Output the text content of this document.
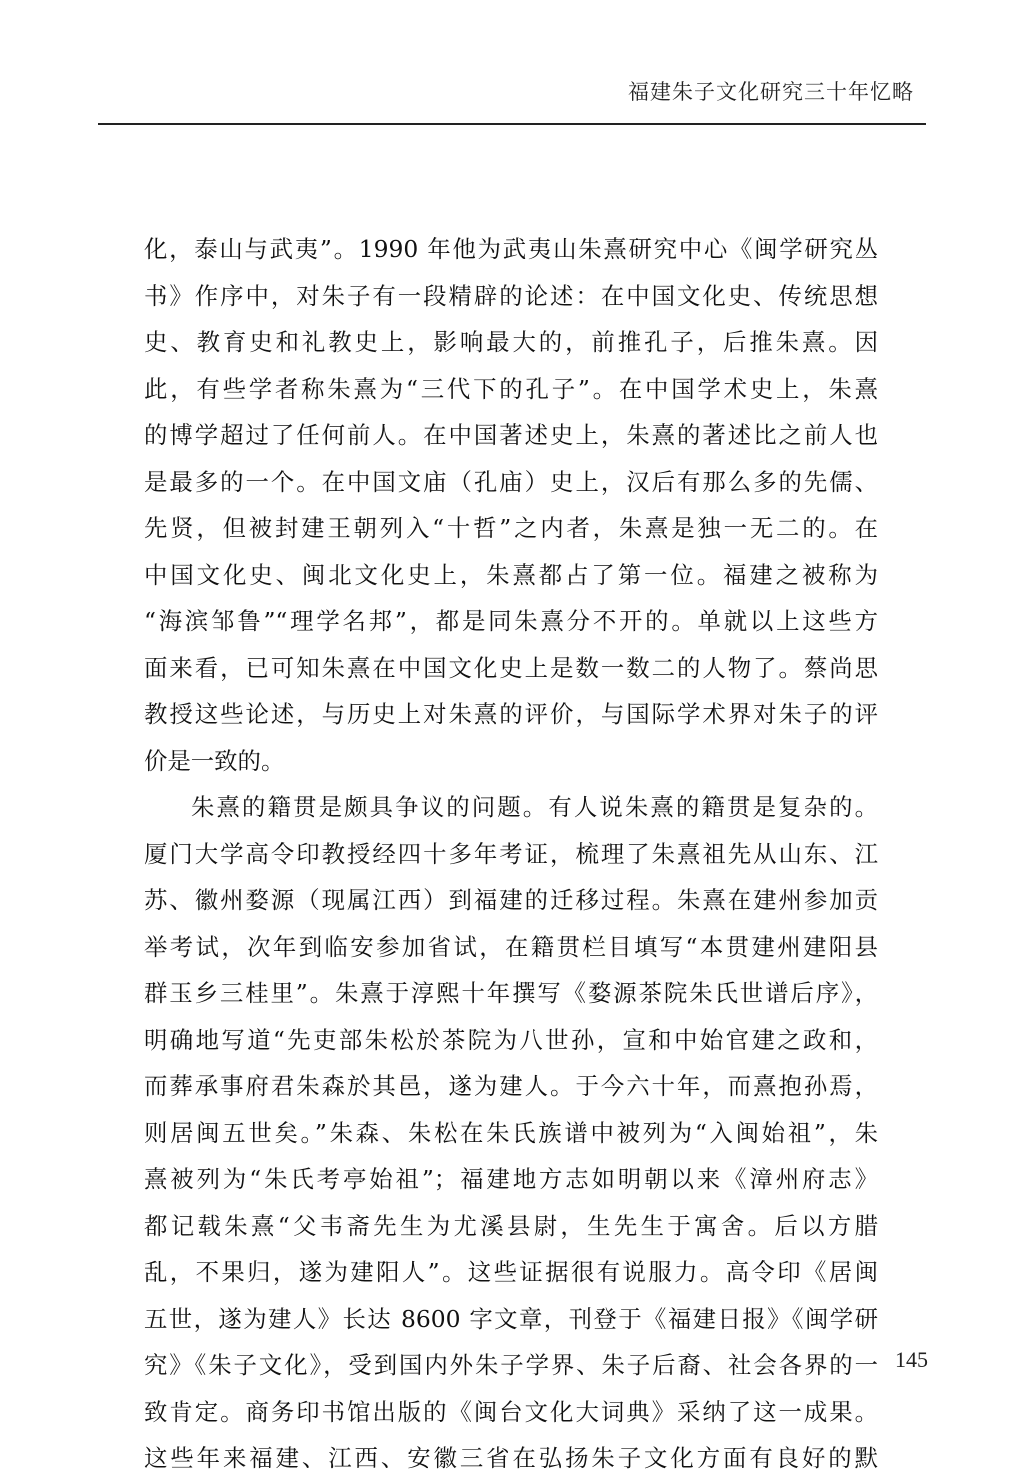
福建朱子文化研究三十年忆略
化，泰山与武夷”。1990 年他为武夷山朱熹研究中心《闽学研究丛
书》作序中，对朱子有一段精辟的论述：在中国文化史、传统思想
史、教育史和礼教史上，影响最大的，前推孔子，后推朱熹。因
此，有些学者称朱熹为“三代下的孔子”。在中国学术史上，朱熹
的博学超过了任何前人。在中国著述史上，朱熹的著述比之前人也
是最多的一个。在中国文庙（孔庙）史上，汉后有那么多的先儒、
先贤，但被封建王朝列入“十哲”之内者，朱熹是独一无二的。在
中国文化史、闽北文化史上，朱熹都占了第一位。福建之被称为
“海滨邹鲁”“理学名邦”，都是同朱熹分不开的。单就以上这些方
面来看，已可知朱熹在中国文化史上是数一数二的人物了。蔡尚思
教授这些论述，与历史上对朱熹的评价，与国际学术界对朱子的评
价是一致的。
朱熹的籍贯是颇具争议的问题。有人说朱熹的籍贯是复杂的。
厦门大学高令印教授经四十多年考证，梳理了朱熹祖先从山东、江
苏、徽州婺源（现属江西）到福建的迁移过程。朱熹在建州参加贡
举考试，次年到临安参加省试，在籍贯栏目填写“本贯建州建阳县
群玉乡三桂里”。朱熹于淳熙十年撰写《婺源茶院朱氏世谱后序》，
明确地写道“先吏部朱松於茶院为八世孙，宣和中始官建之政和，
而葬承事府君朱森於其邑，遂为建人。于今六十年，而熹抱孙焉，
则居闽五世矣。”朱森、朱松在朱氏族谱中被列为“入闽始祖”，朱
熹被列为“朱氏考亭始祖”；福建地方志如明朝以来《漳州府志》
都记载朱熹“父韦斋先生为尤溪县尉，生先生于寓舍。后以方腊
乱，不果归，遂为建阳人”。这些证据很有说服力。高令印《居闽
五世，遂为建人》长达 8600 字文章，刊登于《福建日报》《闽学研
究》《朱子文化》，受到国内外朱子学界、朱子后裔、社会各界的一
致肯定。商务印书馆出版的《闽台文化大词典》采纳了这一成果。
这些年来福建、江西、安徽三省在弘扬朱子文化方面有良好的默
145
